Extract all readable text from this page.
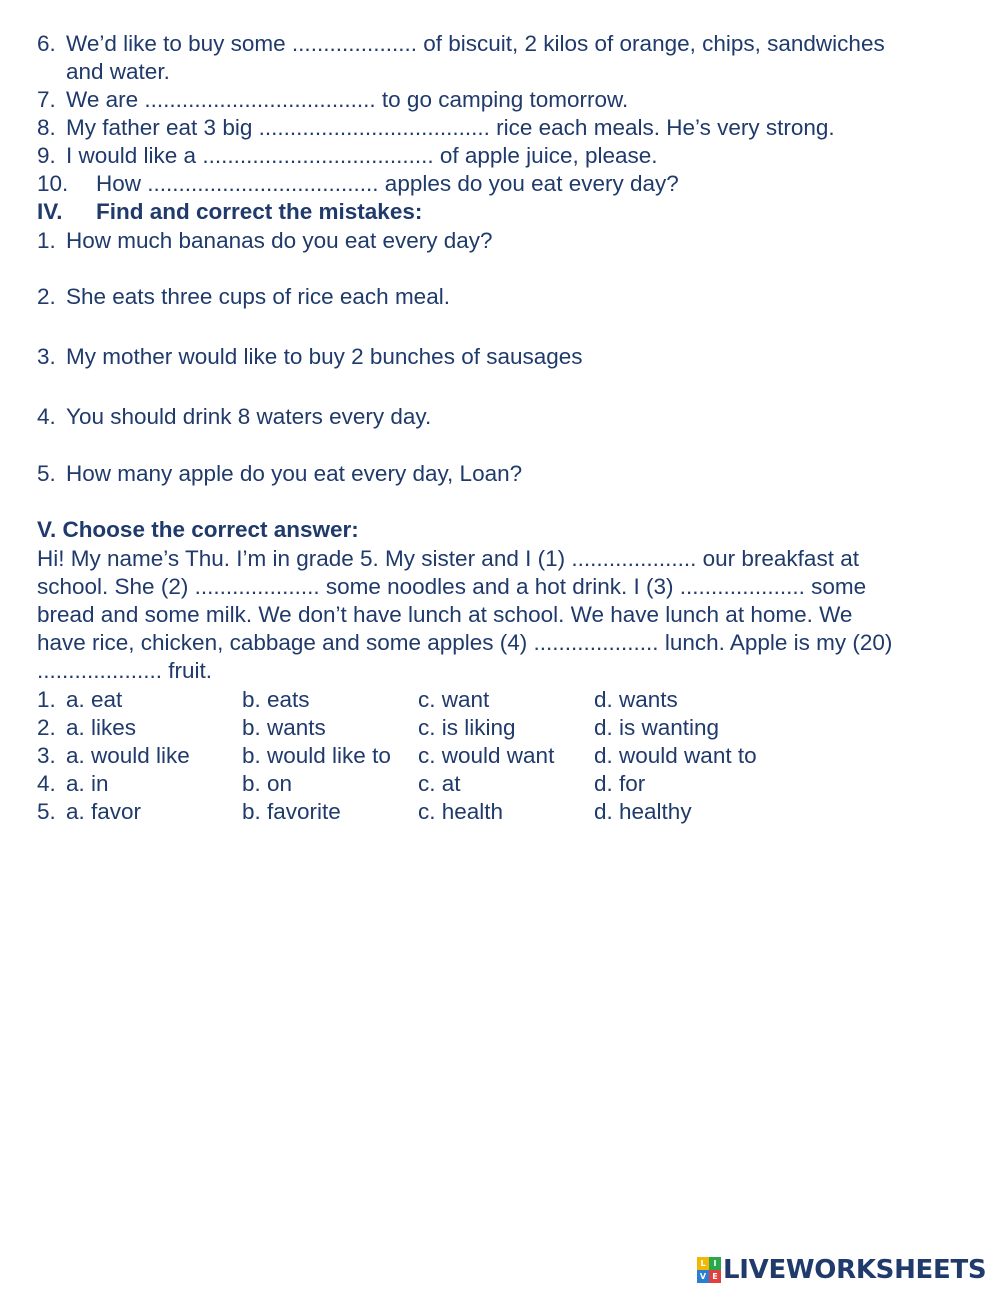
6. We’d like to buy some .................... of biscuit, 2 kilos of orange, chips, sandwiches
and water.
7. We are ..................................... to go camping tomorrow.
8. My father eat 3 big ..................................... rice each meals. He’s very strong.
9. I would like a ..................................... of apple juice, please.
10. How ..................................... apples do you eat every day?
IV. Find and correct the mistakes:
1. How much bananas do you eat every day?
2. She eats three cups of rice each meal.
3. My mother would like to buy 2 bunches of sausages
4. You should drink 8 waters every day.
5. How many apple do you eat every day, Loan?
V. Choose the correct answer:
Hi! My name’s Thu. I’m in grade 5. My sister and I (1) .................... our breakfast at
school. She (2) .................... some noodles and a hot drink. I (3) .................... some
bread and some milk. We don’t have lunch at school. We have lunch at home. We
have rice, chicken, cabbage and some apples (4) .................... lunch. Apple is my (20)
.................... fruit.
1. a. eat	b. eats	c. want	d. wants
2. a. likes	b. wants	c. is liking	d. is wanting
3. a. would like b. would like to c. would want d. would want to
4. a. in	b. on	c. at	d. for
5. a. favor	b. favorite	c. health	d. healthy
L I
V E LIVEWORKSHEETS
